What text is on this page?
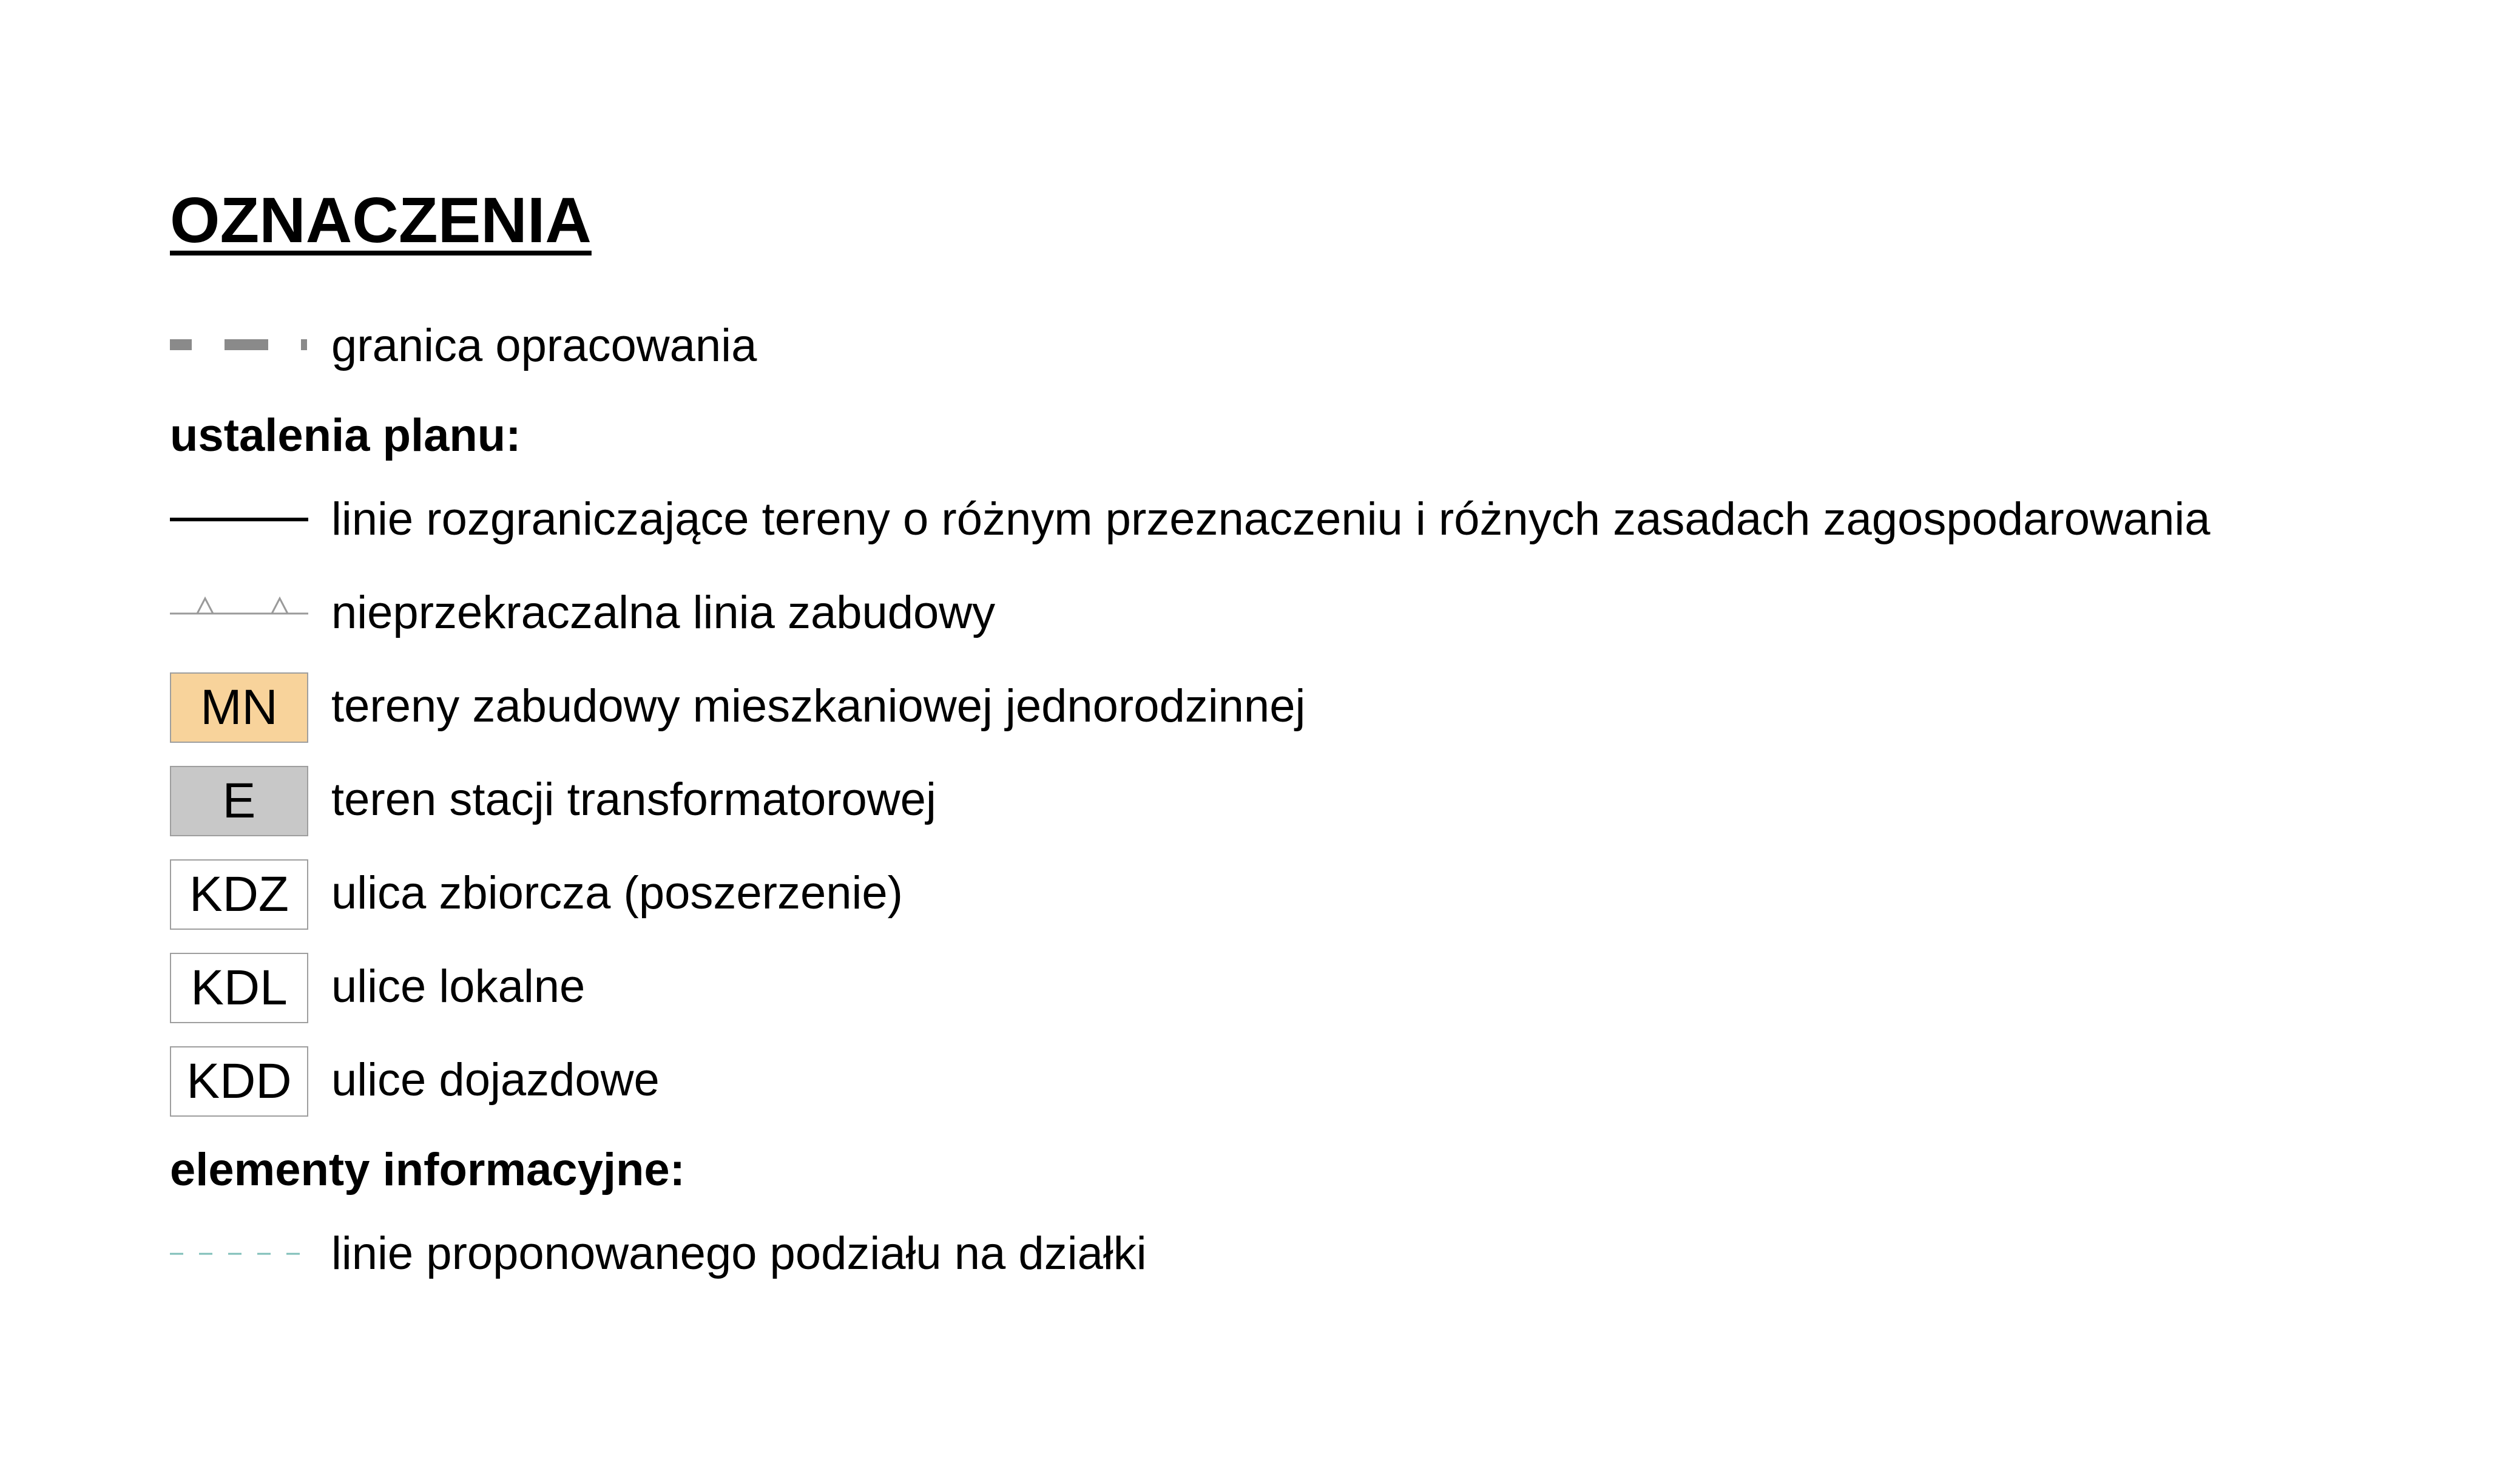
OZNACZENIA
granica opracowania
ustalenia planu:
linie rozgraniczające tereny o różnym przeznaczeniu i różnych zasadach zagospodarowania
nieprzekraczalna linia zabudowy
MN	tereny zabudowy mieszkaniowej jednorodzinnej
E	teren stacji transformatorowej
KDZ ulica zbiorcza (poszerzenie)
KDL ulice lokalne
KDD ulice dojazdowe
elementy informacyjne:
linie proponowanego podziału na działki
